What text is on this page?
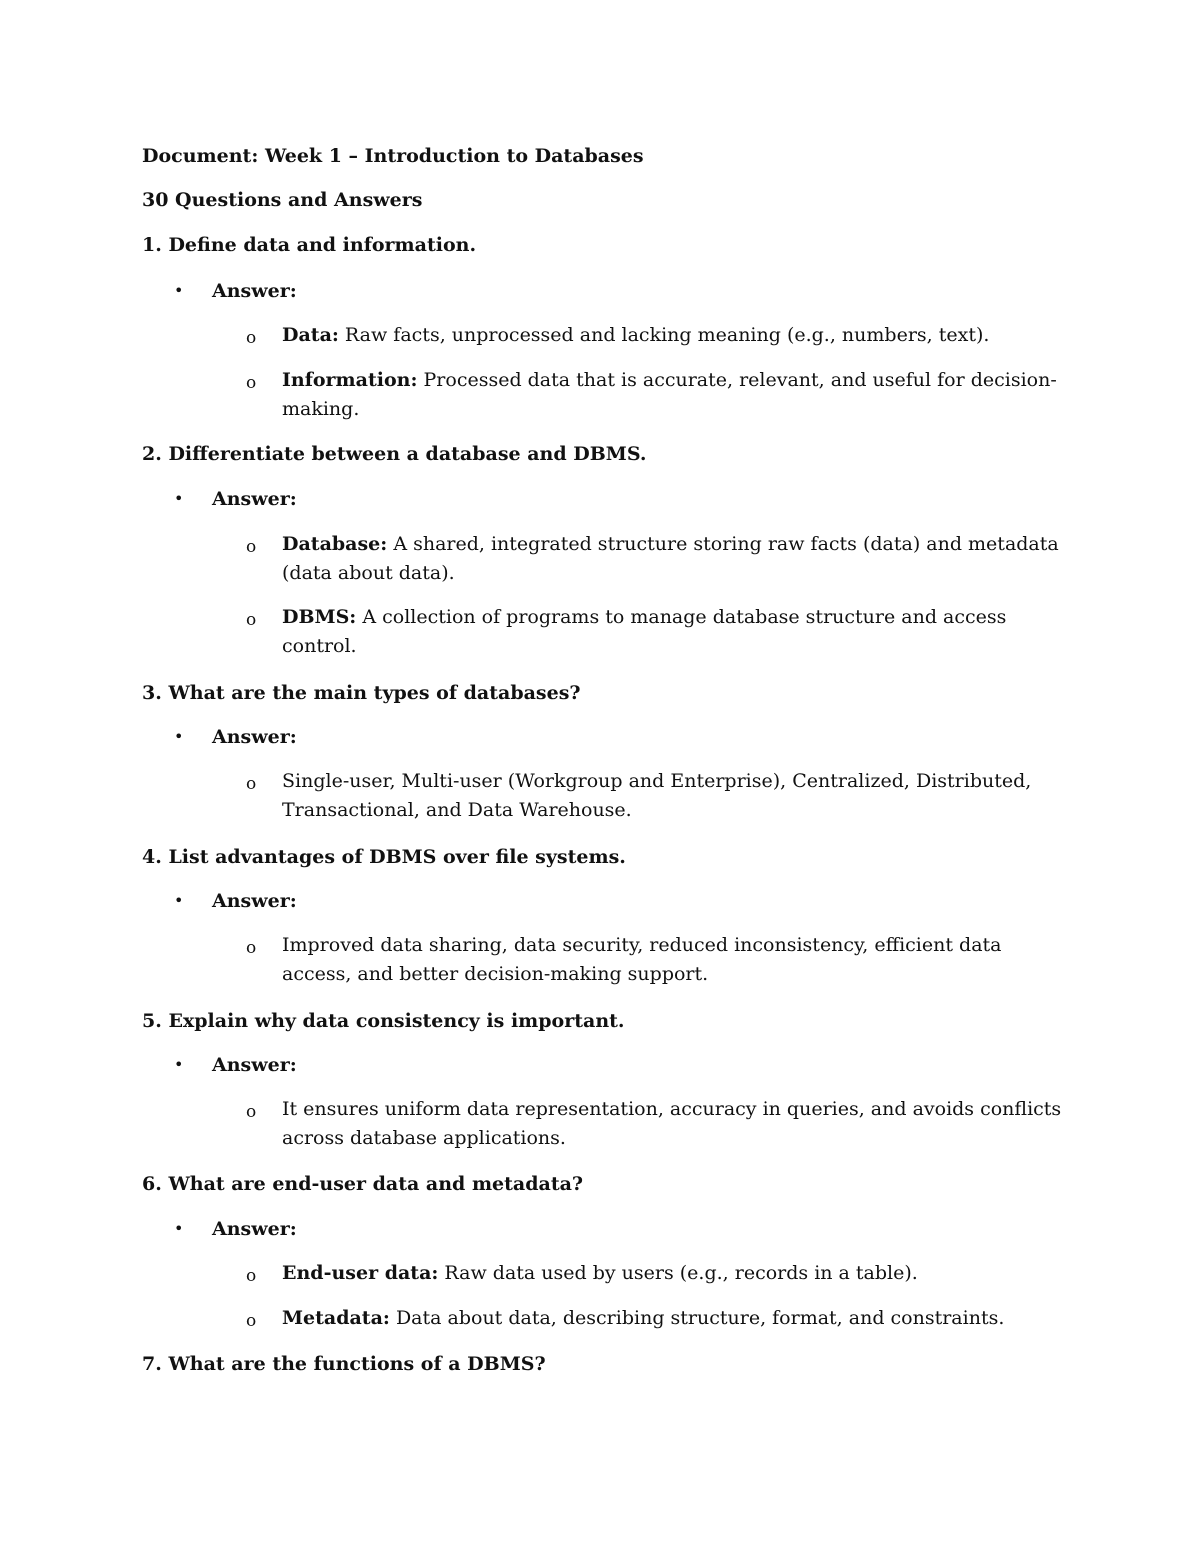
Document: Week 1 – Introduction to Databases
30 Questions and Answers
1. Define data and information.
• Answer:
o Data: Raw facts, unprocessed and lacking meaning (e.g., numbers, text).
o Information: Processed data that is accurate, relevant, and useful for decision-making.
2. Differentiate between a database and DBMS.
• Answer:
o Database: A shared, integrated structure storing raw facts (data) and metadata (data about data).
o DBMS: A collection of programs to manage database structure and access control.
3. What are the main types of databases?
• Answer:
o Single-user, Multi-user (Workgroup and Enterprise), Centralized, Distributed, Transactional, and Data Warehouse.
4. List advantages of DBMS over file systems.
• Answer:
o Improved data sharing, data security, reduced inconsistency, efficient data access, and better decision-making support.
5. Explain why data consistency is important.
• Answer:
o It ensures uniform data representation, accuracy in queries, and avoids conflicts across database applications.
6. What are end-user data and metadata?
• Answer:
o End-user data: Raw data used by users (e.g., records in a table).
o Metadata: Data about data, describing structure, format, and constraints.
7. What are the functions of a DBMS?
